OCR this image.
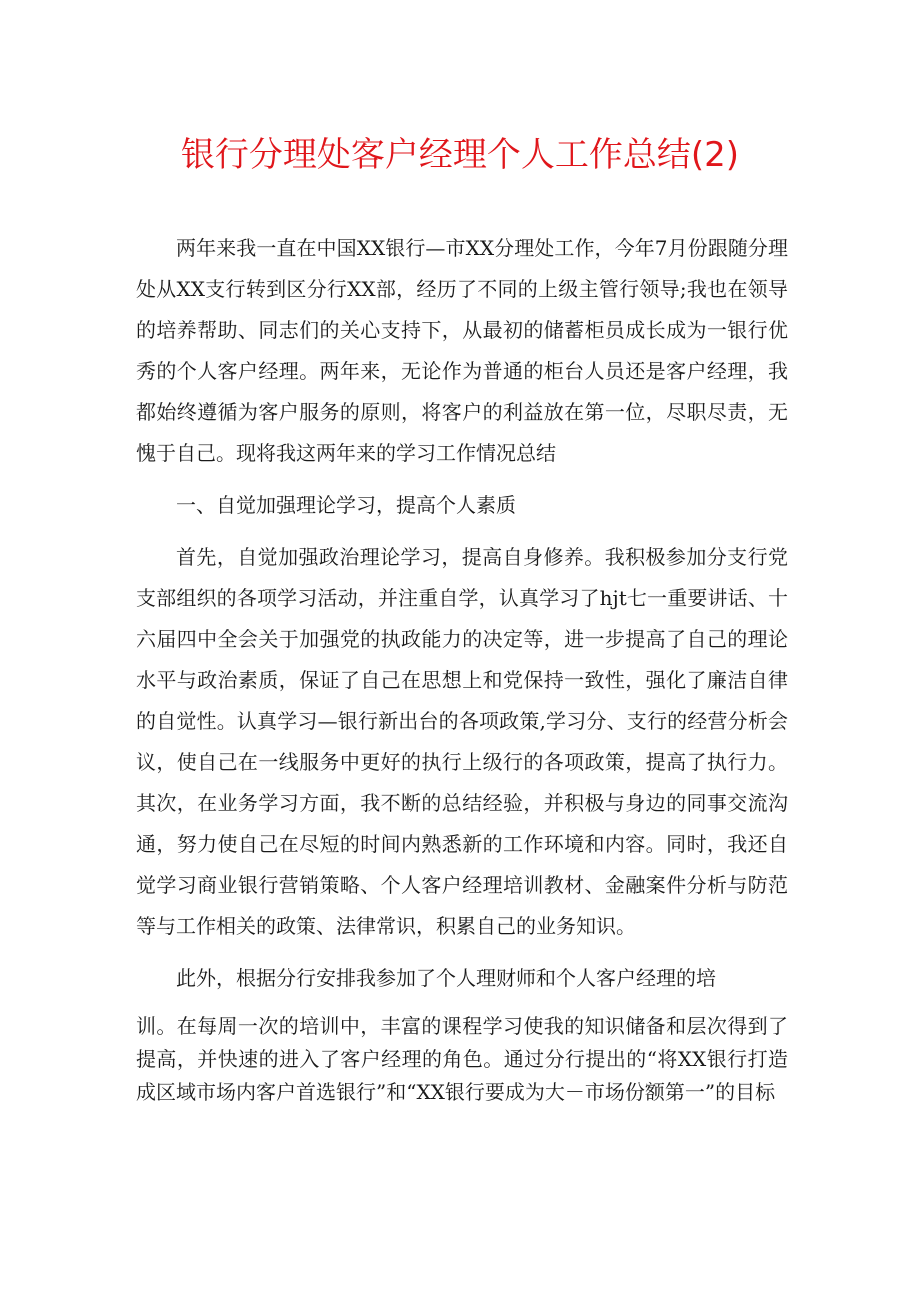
银行分理处客户经理个人工作总结(2)

两年来我一直在中国XX银行—市XX分理处工作，今年7月份跟随分理处从XX支行转到区分行XX部，经历了不同的上级主管行领导;我也在领导的培养帮助、同志们的关心支持下，从最初的储蓄柜员成长成为一银行优秀的个人客户经理。两年来，无论作为普通的柜台人员还是客户经理，我都始终遵循为客户服务的原则，将客户的利益放在第一位，尽职尽责，无愧于自己。现将我这两年来的学习工作情况总结

一、自觉加强理论学习，提高个人素质

首先，自觉加强政治理论学习，提高自身修养。我积极参加分支行党支部组织的各项学习活动，并注重自学，认真学习了hjt七一重要讲话、十六届四中全会关于加强党的执政能力的决定等，进一步提高了自己的理论水平与政治素质，保证了自己在思想上和党保持一致性，强化了廉洁自律的自觉性。认真学习—银行新出台的各项政策,学习分、支行的经营分析会议，使自己在一线服务中更好的执行上级行的各项政策，提高了执行力。其次，在业务学习方面，我不断的总结经验，并积极与身边的同事交流沟通，努力使自己在尽短的时间内熟悉新的工作环境和内容。同时，我还自觉学习商业银行营销策略、个人客户经理培训教材、金融案件分析与防范等与工作相关的政策、法律常识，积累自己的业务知识。

此外，根据分行安排我参加了个人理财师和个人客户经理的培

训。在每周一次的培训中，丰富的课程学习使我的知识储备和层次得到了提高，并快速的进入了客户经理的角色。通过分行提出的“将XX银行打造成区域市场内客户首选银行”和“XX银行要成为大－市场份额第一”的目标
